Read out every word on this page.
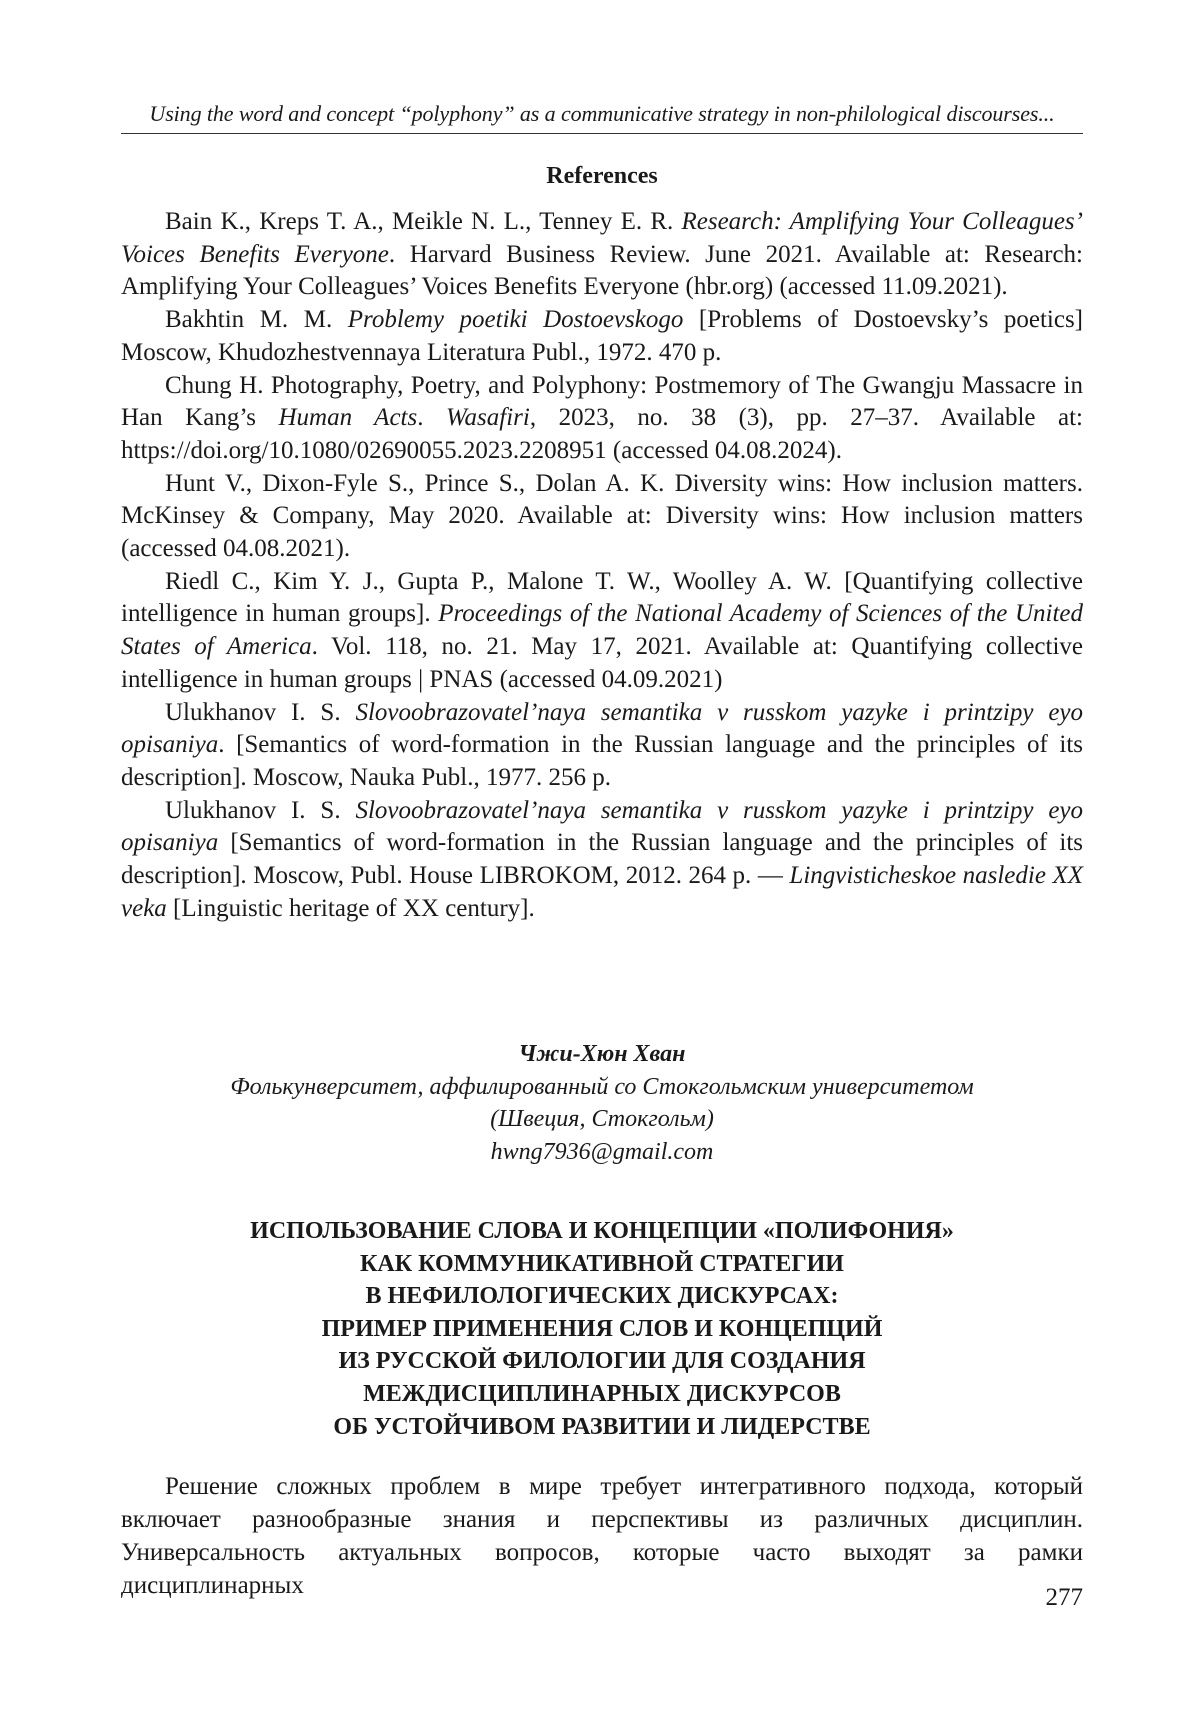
Using the word and concept “polyphony” as a communicative strategy in non-philological discourses...
References

Bain K., Kreps T. A., Meikle N. L., Tenney E. R. Research: Amplifying Your Colleagues’ Voices Benefits Everyone. Harvard Business Review. June 2021. Available at: Research: Amplifying Your Colleagues’ Voices Benefits Everyone (hbr.org) (accessed 11.09.2021).

Bakhtin M. M. Problemy poetiki Dostoevskogo [Problems of Dostoevsky’s poetics] Moscow, Khudozhestvennaya Literatura Publ., 1972. 470 p.

Chung H. Photography, Poetry, and Polyphony: Postmemory of The Gwangju Massacre in Han Kang’s Human Acts. Wasafiri, 2023, no. 38 (3), pp. 27–37. Available at: https://doi.org/10.1080/02690055.2023.2208951 (accessed 04.08.2024).

Hunt V., Dixon-Fyle S., Prince S., Dolan A. K. Diversity wins: How inclusion matters. McKinsey & Company, May 2020. Available at: Diversity wins: How inclusion matters (accessed 04.08.2021).

Riedl C., Kim Y. J., Gupta P., Malone T. W., Woolley A. W. [Quantifying collective intelligence in human groups]. Proceedings of the National Academy of Sciences of the United States of America. Vol. 118, no. 21. May 17, 2021. Available at: Quantifying collective intelligence in human groups | PNAS (accessed 04.09.2021)

Ulukhanov I. S. Slovoobrazovatel’naya semantika v russkom yazyke i printzipy eyo opisaniya. [Semantics of word-formation in the Russian language and the principles of its description]. Moscow, Nauka Publ., 1977. 256 p.

Ulukhanov I. S. Slovoobrazovatel’naya semantika v russkom yazyke i printzipy eyo opisaniya [Semantics of word-formation in the Russian language and the principles of its description]. Moscow, Publ. House LIBROKOM, 2012. 264 p. — Lingvisticheskoe nasledie XX veka [Linguistic heritage of XX century].

Чжи-Хюн Хван
Фолькунверситет, аффилированный со Стокгольмским университетом
(Швеция, Стокгольм)
hwng7936@gmail.com
ИСПОЛЬЗОВАНИЕ СЛОВА И КОНЦЕПЦИИ «ПОЛИФОНИЯ»
КАК КОММУНИКАТИВНОЙ СТРАТЕГИИ
В НЕФИЛОЛОГИЧЕСКИХ ДИСКУРСАХ:
ПРИМЕР ПРИМЕНЕНИЯ СЛОВ И КОНЦЕПЦИЙ
ИЗ РУССКОЙ ФИЛОЛОГИИ ДЛЯ СОЗДАНИЯ
МЕЖДИСЦИПЛИНАРНЫХ ДИСКУРСОВ
ОБ УСТОЙЧИВОМ РАЗВИТИИ И ЛИДЕРСТВЕ

Решение сложных проблем в мире требует интегративного подхода, который включает разнообразные знания и перспективы из различных дисциплин. Универсальность актуальных вопросов, которые часто выходят за рамки дисциплинарных	277
